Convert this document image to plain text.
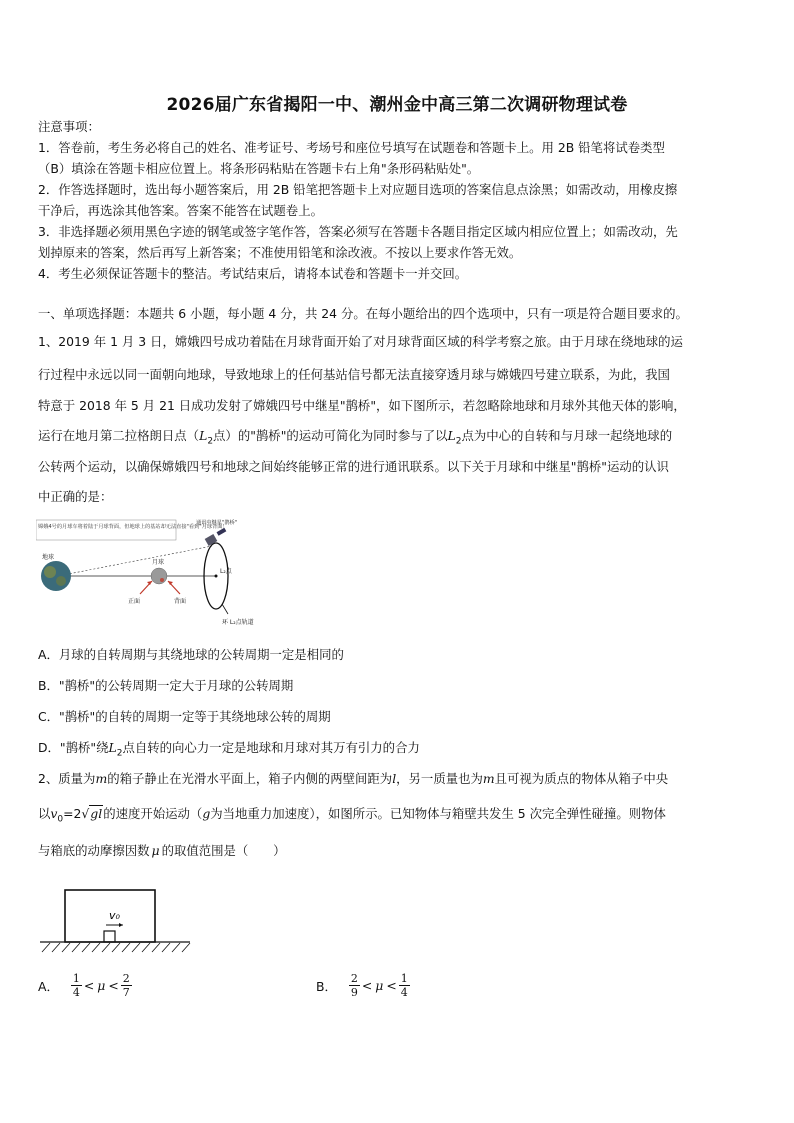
2026届广东省揭阳一中、潮州金中高三第二次调研物理试卷
注意事项：
1．答卷前，考生务必将自己的姓名、准考证号、考场号和座位号填写在试题卷和答题卡上。用 2B 铅笔将试卷类型
（B）填涂在答题卡相应位置上。将条形码粘贴在答题卡右上角"条形码粘贴处"。
2．作答选择题时，选出每小题答案后，用 2B 铅笔把答题卡上对应题目选项的答案信息点涂黑；如需改动，用橡皮擦
干净后，再选涂其他答案。答案不能答在试题卷上。
3．非选择题必须用黑色字迹的钢笔或签字笔作答，答案必须写在答题卡各题目指定区域内相应位置上；如需改动，先
划掉原来的答案，然后再写上新答案；不准使用铅笔和涂改液。不按以上要求作答无效。
4．考生必须保证答题卡的整洁。考试结束后，请将本试卷和答题卡一并交回。
一、单项选择题：本题共 6 小题，每小题 4 分，共 24 分。在每小题给出的四个选项中，只有一项是符合题目要求的。
1、2019 年 1 月 3 日，嫦娥四号成功着陆在月球背面开始了对月球背面区域的科学考察之旅。由于月球在绕地球的运
行过程中永远以同一面朝向地球，导致地球上的任何基站信号都无法直接穿透月球与嫦娥四号建立联系，为此，我国
特意于 2018 年 5 月 21 日成功发射了嫦娥四号中继星"鹊桥"，如下图所示，若忽略除地球和月球外其他天体的影响，
运行在地月第二拉格朗日点（$L_2$点）的"鹊桥"的运动可简化为同时参与了以$L_2$点为中心的自转和与月球一起绕地球的
公转两个运动，以确保嫦娥四号和地球之间始终能够正常的进行通讯联系。以下关于月球和中继星"鹊桥"运动的认识
中正确的是：
嫦娥4号的月球车将着陆于月球背面，但地球上的基站却无法直接"看到"月球背面！
地球
月球
L₂点
通讯中继星"鹊桥"
正面	背面
环 L₂点轨道
A．月球的自转周期与其绕地球的公转周期一定是相同的
B．"鹊桥"的公转周期一定大于月球的公转周期
C．"鹊桥"的自转的周期一定等于其绕地球公转的周期
D．"鹊桥"绕$L_2$点自转的向心力一定是地球和月球对其万有引力的合力
2、质量为m的箱子静止在光滑水平面上，箱子内侧的两壁间距为l，另一质量也为m且可视为质点的物体从箱子中央
以$v_0=2√gl$的速度开始运动（g为当地重力加速度），如图所示。已知物体与箱壁共发生 5 次完全弹性碰撞。则物体
与箱底的动摩擦因数 μ 的取值范围是（　　）
v₀
A． $\frac{1}{4} < \mu < \frac{2}{7}$	B． $\frac{2}{9} < \mu < \frac{1}{4}$
